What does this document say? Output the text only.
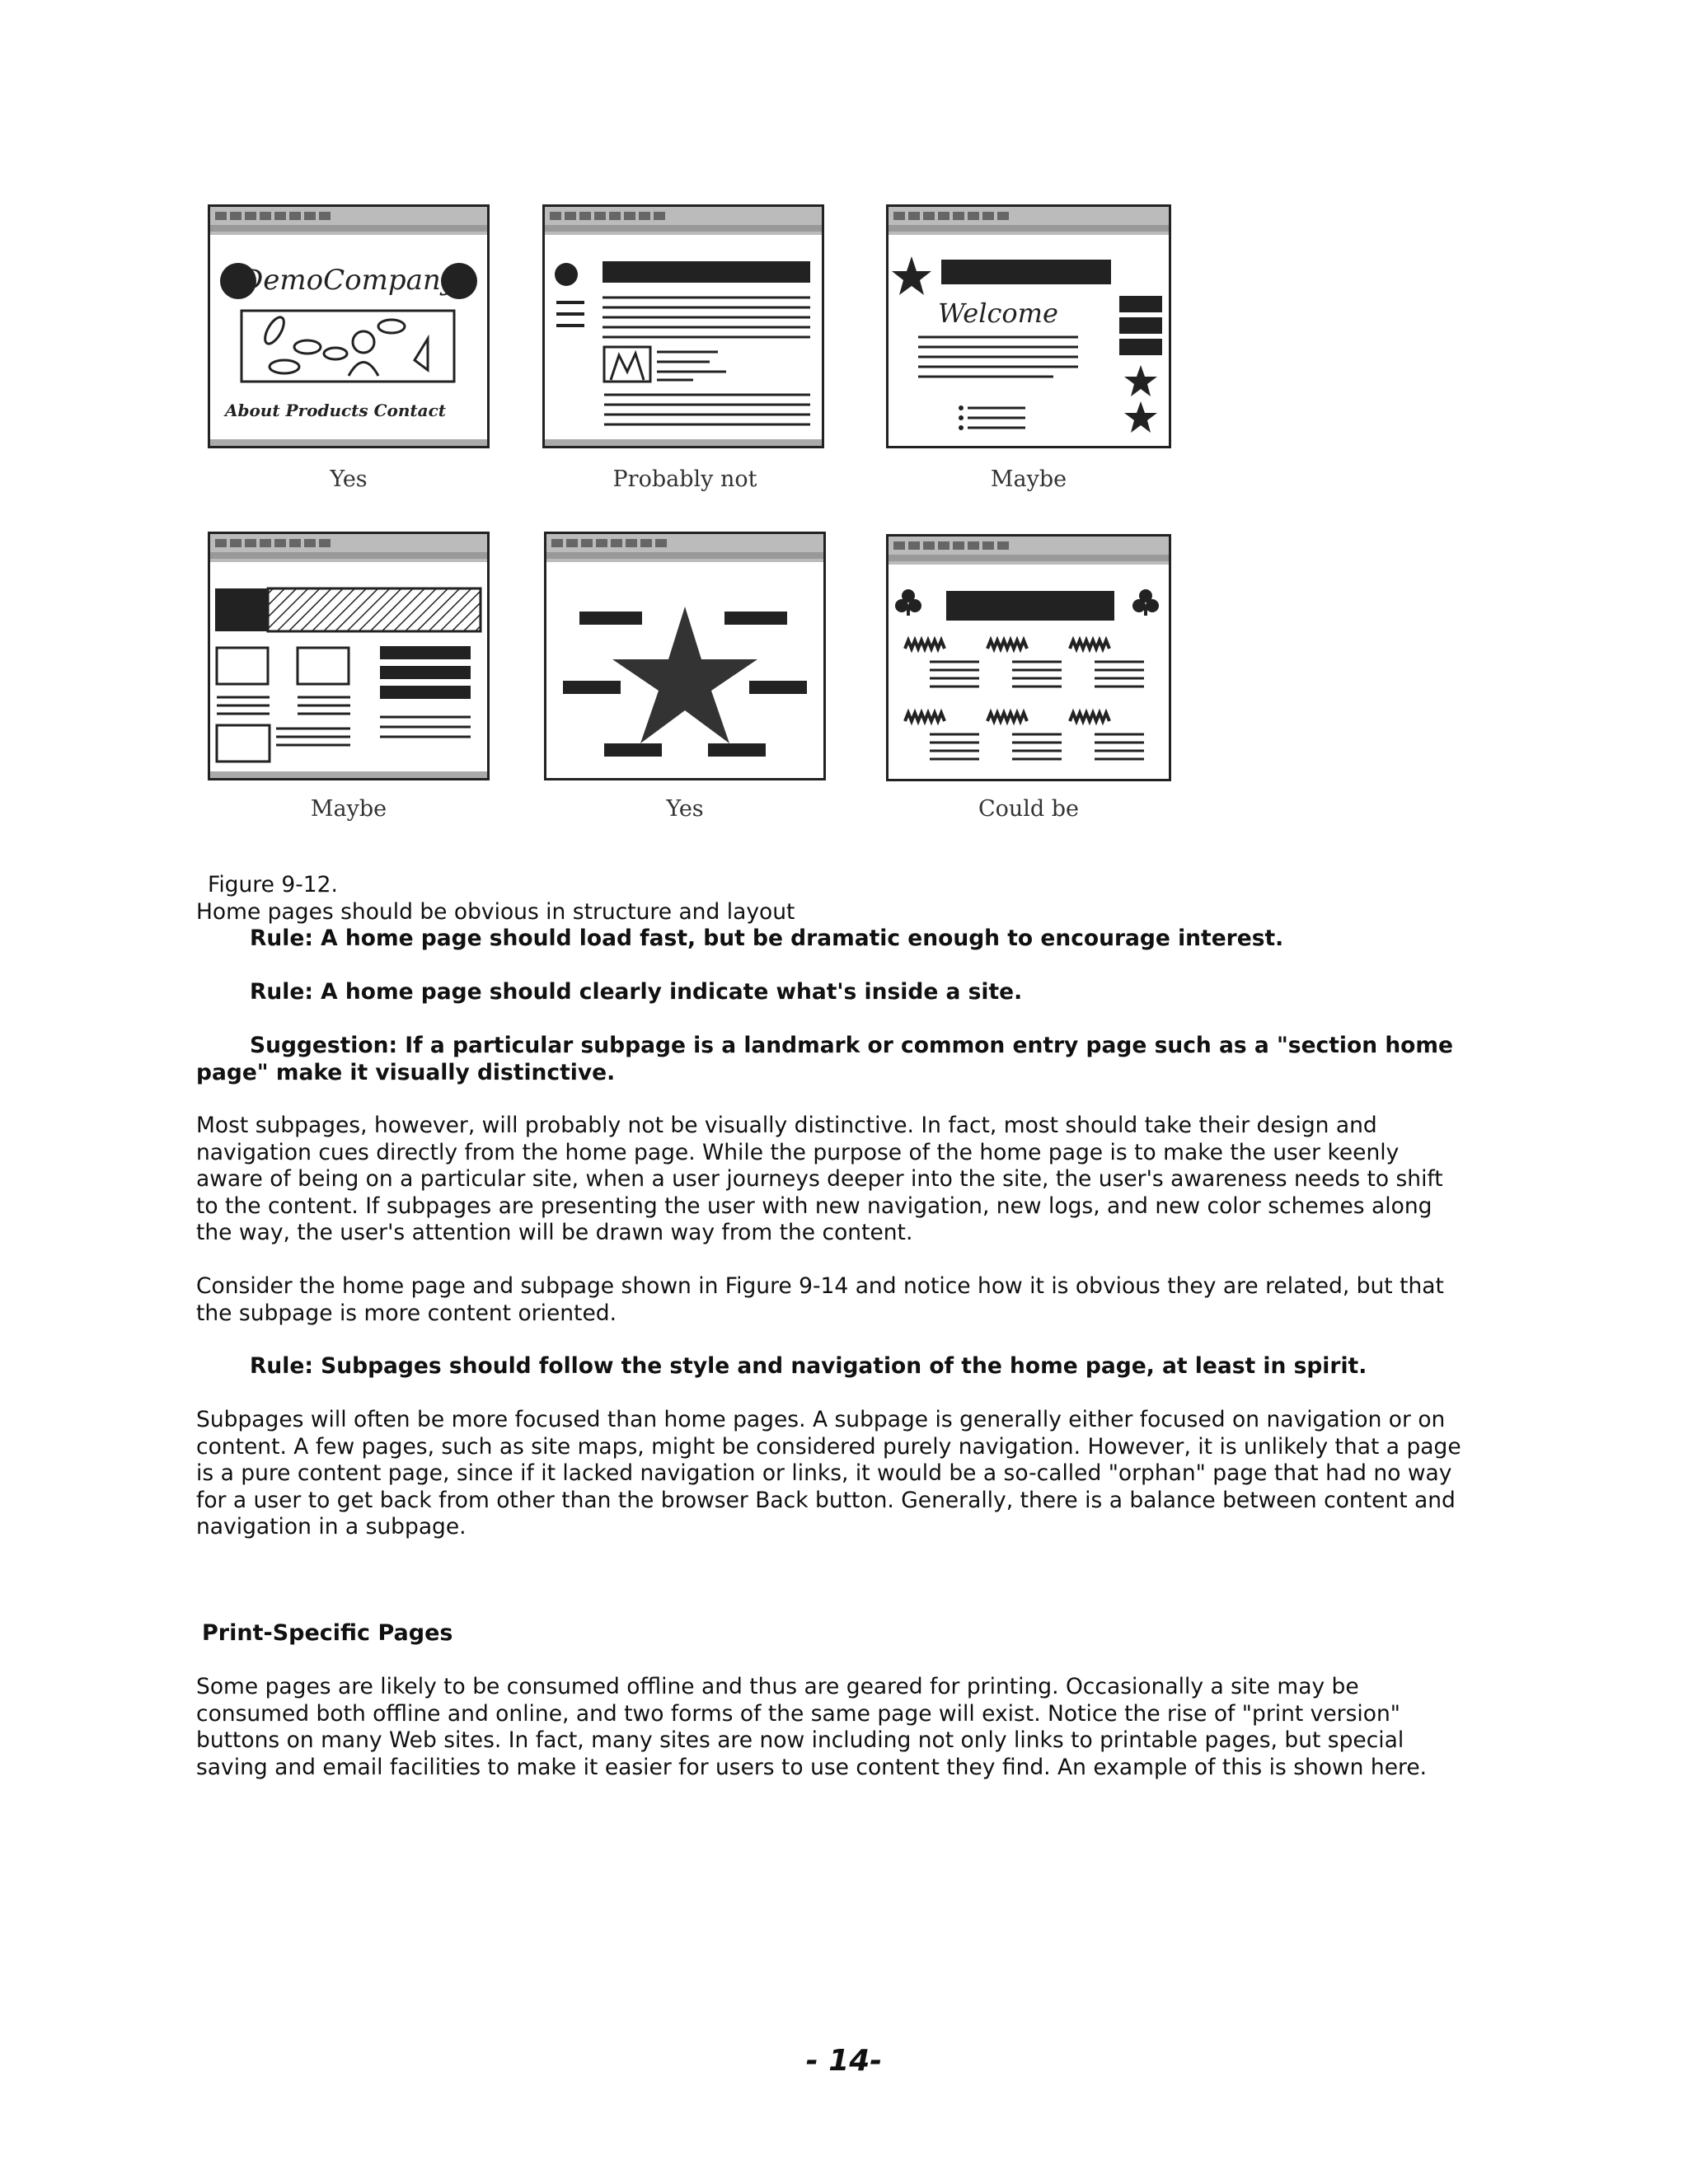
DemoCompany
About Products Contact
Welcome
Yes	Probably not	Maybe
Maybe	Yes	Could be
Figure 9-12.
Home pages should be obvious in structure and layout
Rule: A home page should load fast, but be dramatic enough to encourage interest.
Rule: A home page should clearly indicate what's inside a site.
Suggestion: If a particular subpage is a landmark or common entry page such as a "section home page" make it visually distinctive.
Most subpages, however, will probably not be visually distinctive. In fact, most should take their design and
navigation cues directly from the home page. While the purpose of the home page is to make the user keenly
aware of being on a particular site, when a user journeys deeper into the site, the user's awareness needs to shift
to the content. If subpages are presenting the user with new navigation, new logs, and new color schemes along
the way, the user's attention will be drawn way from the content.
Consider the home page and subpage shown in Figure 9-14 and notice how it is obvious they are related, but that
the subpage is more content oriented.
Rule: Subpages should follow the style and navigation of the home page, at least in spirit.
Subpages will often be more focused than home pages. A subpage is generally either focused on navigation or on
content. A few pages, such as site maps, might be considered purely navigation. However, it is unlikely that a page
is a pure content page, since if it lacked navigation or links, it would be a so-called "orphan" page that had no way
for a user to get back from other than the browser Back button. Generally, there is a balance between content and
navigation in a subpage.
Print-Specific Pages
Some pages are likely to be consumed offline and thus are geared for printing. Occasionally a site may be
consumed both offline and online, and two forms of the same page will exist. Notice the rise of "print version"
buttons on many Web sites. In fact, many sites are now including not only links to printable pages, but special
saving and email facilities to make it easier for users to use content they find. An example of this is shown here.
- 14-
